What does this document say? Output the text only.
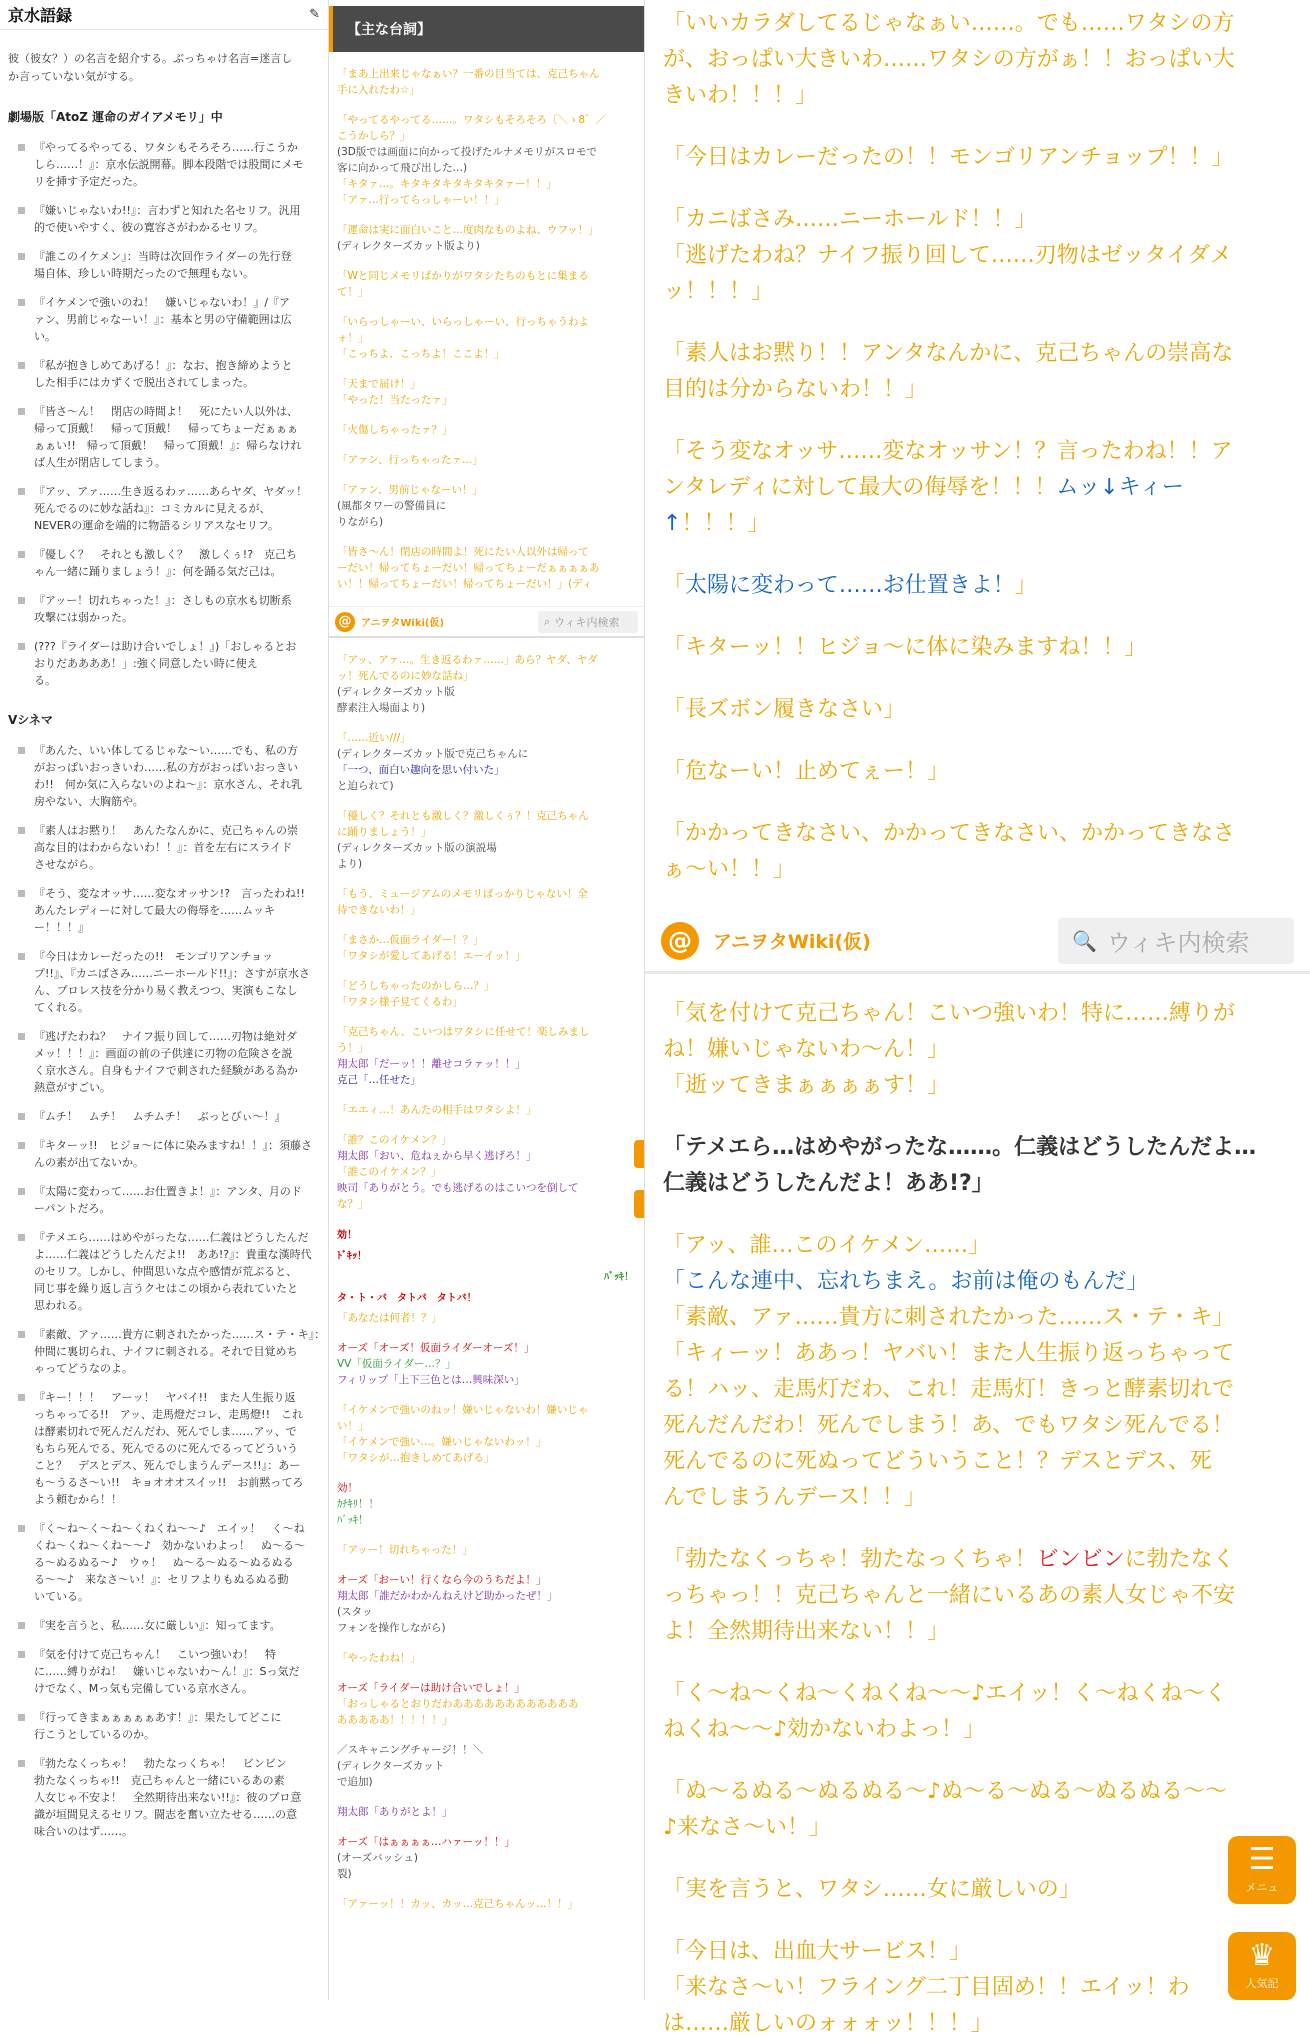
京水語録	✎
彼（彼女？）の名言を紹介する。ぶっちゃけ名言=迷言し
か言っていない気がする。
劇場版「AtoZ 運命のガイアメモリ」中
『やってるやってる、ワタシもそろそろ……行こうか
しら……！』：京水伝説開幕。脚本段階では股間にメモ
リを挿す予定だった。
『嫌いじゃないわ!!』：言わずと知れた名セリフ。汎用
的で使いやすく、彼の寛容さがわかるセリフ。
『誰このイケメン』：当時は次回作ライダーの先行登
場自体、珍しい時期だったので無理もない。
『イケメンで強いのね！　嫌いじゃないわ！』/『ア
ァン、男前じゃなーい！』：基本と男の守備範囲は広
い。
『私が抱きしめてあげる！』：なお、抱き締めようと
した相手にはカずくで脱出されてしまった。
『皆さ～ん！　閉店の時間よ！　死にたい人以外は、
帰って頂戴！　帰って頂戴！　帰ってちょーだぁぁぁ
ぁぁい!!　帰って頂戴！　帰って頂戴！』：帰らなけれ
ば人生が閉店してしまう。
『アッ、アァ……生き返るわァ……あらヤダ、ヤダッ！
死んでるのに妙な話ね』：コミカルに見えるが、
NEVERの運命を端的に物語るシリアスなセリフ。
『優しく？　それとも激しく？　激しくぅ!?　克己ち
ゃん一緒に踊りましょう！』：何を踊る気だ己は。
『アッー！切れちゃった！』：さしもの京水も切断系
攻撃には弱かった。
(???『ライダーは助け合いでしょ！』)「おしゃるとお
おりだああああ！」:強く同意したい時に使え
る。
Vシネマ
『あんた、いい体してるじゃな～い……でも、私の方
がおっぱいおっきいわ……私の方がおっぱいおっきい
わ!!　何か気に入らないのよね～』：京水さん、それ乳
房やない、大胸筋や。
『素人はお黙り！　あんたなんかに、克己ちゃんの崇
高な目的はわからないわ！！』：首を左右にスライド
させながら。
『そう、変なオッサ……変なオッサン!?　言ったわね!!
あんたレディーに対して最大の侮辱を……ムッキ
ー！！！』
『今日はカレーだったの!!　モンゴリアンチョッ
プ!!』、『カニばさみ……ニーホールド!!』：さすが京水さ
ん、プロレス技を分かり易く教えつつ、実演もこなし
てくれる。
『逃げたわね？　ナイフ振り回して……刃物は絶対ダ
メッ！！！』：画面の前の子供達に刃物の危険さを説
く京水さん。自身もナイフで刺された経験がある為か
熱意がすごい。
『ムチ！　ムチ！　ムチムチ！　ぶっとびぃ～！』
『キターッ!!　ヒジョ～に体に染みますね！！』：須藤さ
んの素が出てないか。
『太陽に変わって……お仕置きよ！』：アンタ、月のド
ーパントだろ。
『テメエら……はめやがったな……仁義はどうしたんだ
よ……仁義はどうしたんだよ!!　ああ!?』：貴重な漢時代
のセリフ。しかし、仲間思いな点や感情が荒ぶると、
同じ事を繰り返し言うクセはこの頃から表れていたと
思われる。
『素敵、アァ……貴方に刺されたかった……ス・テ・キ』：
仲間に裏切られ、ナイフに刺される。それで目覚めち
ゃってどうなのよ。
『キー！！！　アーッ！　ヤバイ!!　また人生振り返
っちゃってる!!　アッ、走馬燈だコレ、走馬燈!!　これ
は酵素切れで死んだんだわ、死んでしま……アッ、で
もちら死んでる、死んでるのに死んでるってどういう
こと？　デスとデス、死んでしまうんデース!!』：あー
も～うるさ～い!!　キョオオオスイッ!!　お前黙ってろ
よう頼むから！！
『く～ね～く～ね～くねくね～～♪　エイッ！　く～ね
くね～くね～くね～～♪　効かないわよっ！　ぬ～る～
る～ぬるぬる～♪　ウゥ！　ぬ～る～ぬる～ぬるぬる
る～～♪　来なさ～い！』：セリフよりもぬるぬる動
いている。
『実を言うと、私……女に厳しい』：知ってます。
『気を付けて克己ちゃん！　こいつ強いわ！　特
に……縛りがね！　嫌いじゃないわ～ん！』：Sっ気だ
けでなく、Mっ気も完備している京水さん。
『行ってきまぁぁぁぁぁあす！』：果たしてどこに
行こうとしているのか。
『勃たなくっちゃ！　勃たなっくちゃ！　ビンビン
勃たなくっちゃ!!　克己ちゃんと一緒にいるあの素
人女じゃ不安よ！　全然期待出来ない!!』：彼のプロ意
識が垣間見えるセリフ。闘志を奮い立たせる……の意
味合いのはず……。
【主な台詞】
「まあ上出来じゃなぁい？一番の目当ては、克己ちゃん
手に入れたわ☆」
「やってるやってる……。ワタシもそろそろ〔＼ゝ8゛／
こうかしら？」
(3D版では画面に向かって投げたルナメモリがスロモで
客に向かって飛び出した…)
「キタァ…。キタキタキタキタキタァー！！」
「アァ…行ってらっしゃーい！！」
「運命は実に面白いこと…度肉なものよね、ウフッ！」
(ディレクターズカット版より)
「Wと同じメモリばかりがワタシたちのもとに集まる
て！」
「いらっしゃーい、いらっしゃーい、行っちゃうわよ
ォ！」
「こっちよ、こっちよ！ここよ！」
「天まで届け！」
「やった！当たったァ」
「火傷しちゃったァ？」
「アァン、行っちゃったァ…」
「アァン、男前じゃなーい！」
(風都タワーの警備員に
りながら)
「皆さ～ん！閉店の時間よ！死にたい人以外は帰って
ーだい！帰ってちょーだい！帰ってちょーだぁぁぁぁあ
い！！帰ってちょーだい！帰ってちょーだい！」(ディ
@ アニヲタWiki(仮)	⌕ ウィキ内検索
「アッ、アァ…。生き返るわァ……」あら？ヤダ、ヤダ
ッ！死んでるのに妙な話ね」
(ディレクターズカット版
酵素注入場面より)
「……近い///」
(ディレクターズカット版で克己ちゃんに
「一つ、面白い趣向を思い付いた」
と迫られて)
「優しく？それとも激しく？激しくぅ？！克己ちゃん
に踊りましょう！」
(ディレクターズカット版の演説場
より)
「もう、ミュージアムのメモリばっかりじゃない！全
待できないわ！」
「まさか…仮面ライダー！？」
「ワタシが愛してあげる！エーイッ！」
「どうしちゃったのかしら…？」
「ワタシ様子見てくるわ」
「克己ちゃん、こいつはワタシに任せて！楽しみまし
う！」
翔太郎「だーッ！！離せコラァッ！！」
克己「…任せた」
「エエィ…！あんたの相手はワタシよ！」
「誰？このイケメン？」
翔太郎「おい、危ねぇから早く逃げろ！」
「誰このイケメン？」
映司「ありがとう。でも逃げるのはこいつを倒して
な？」
効！
ﾄﾞｷｯ！
ﾊﾞｯｷ！
タ・ト・バ　タトバ　タトバ！
「あなたは何者！？」
オーズ「オーズ！仮面ライダーオーズ！」
VV「仮面ライダー…？」
フィリップ「上下三色とは…興味深い」
「イケメンで強いのねッ！嫌いじゃないわ！嫌いじゃ
い！」
「イケメンで強い…。嫌いじゃないわッ！」
「ワタシが…抱きしめてあげる」
効！
ｶﾁｷﾘ！！
ﾊﾞｯｷ！
「アッー！切れちゃった！」
オーズ「おーい！行くなら今のうちだよ！」
翔太郎「誰だかわかんねえけど助かったぜ！」
(スタッ
フォンを操作しながら)
「やったわね！」
オーズ「ライダーは助け合いでしょ！」
「おっしゃるとおりだわああああああああああああ
あああああ！！！！！」
／スキャニングチャージ！！＼
(ディレクターズカット
で追加)
翔太郎「ありがとよ！」
オーズ「はぁぁぁぁ…ハァーッ！！」
(オーズバッシュ)
裂)
「アァーッ！！カッ、カッ…克己ちゃんッ…！！」
「いいカラダしてるじゃなぁい……。でも……ワタシの方
が、おっぱい大きいわ……ワタシの方がぁ！！おっぱい大
きいわ！！！」
「今日はカレーだったの！！モンゴリアンチョップ！！」
「カニばさみ……ニーホールド！！」
「逃げたわね？ナイフ振り回して……刃物はゼッタイダメ
ッ！！！」
「素人はお黙り！！アンタなんかに、克己ちゃんの崇高な
目的は分からないわ！！」
「そう変なオッサ……変なオッサン！？言ったわね！！ア
ンタレディに対して最大の侮辱を！！！ムッ↓キィー
↑！！！」
「太陽に変わって……お仕置きよ！」
「キターッ！！ヒジョ～に体に染みますね！！」
「長ズボン履きなさい」
「危なーい！止めてぇー！」
「かかってきなさい、かかってきなさい、かかってきなさ
ぁ～い！！」
@	アニヲタWiki(仮)	🔍 ウィキ内検索
「気を付けて克己ちゃん！こいつ強いわ！特に……縛りが
ね！嫌いじゃないわ～ん！」
「逝ッてきまぁぁぁぁす！」
「テメエら…はめやがったな……。仁義はどうしたんだよ…
仁義はどうしたんだよ！ああ!?」
「アッ、誰…このイケメン……」
「こんな連中、忘れちまえ。お前は俺のもんだ」
「素敵、アァ……貴方に刺されたかった……ス・テ・キ」
「キィーッ！ああっ！ヤバい！また人生振り返っちゃって
る！ハッ、走馬灯だわ、これ！走馬灯！きっと酵素切れで
死んだんだわ！死んでしまう！あ、でもワタシ死んでる！
死んでるのに死ぬってどういうこと！？デスとデス、死
んでしまうんデース！！」
「勃たなくっちゃ！勃たなっくちゃ！ビンビンに勃たなく
っちゃっ！！克己ちゃんと一緒にいるあの素人女じゃ不安
よ！全然期待出来ない！！」
「く～ね～くね～くねくね～～♪エイッ！く～ねくね～く
ねくね～～♪効かないわよっ！」
「ぬ～るぬる～ぬるぬる～♪ぬ～る～ぬる～ぬるぬる～～
♪来なさ～い！」
「実を言うと、ワタシ……女に厳しいの」
「今日は、出血大サービス！」
「来なさ～い！フライング二丁目固め！！エイッ！わ
は……厳しいのォォォッ！！！」
☰
メニュ
♛
人気記
